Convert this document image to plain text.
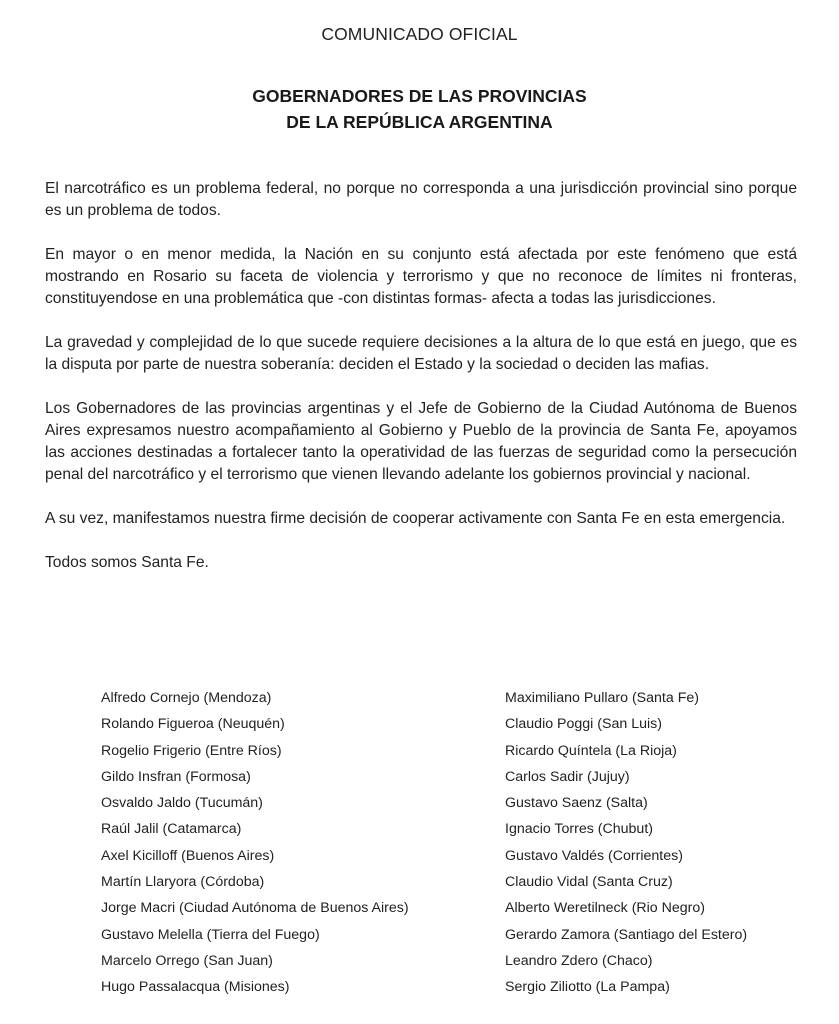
COMUNICADO OFICIAL
GOBERNADORES DE LAS PROVINCIAS
DE LA REPÚBLICA ARGENTINA

El narcotráfico es un problema federal, no porque no corresponda a una jurisdicción provincial sino porque es un problema de todos.

En mayor o en menor medida, la Nación en su conjunto está afectada por este fenómeno que está mostrando en Rosario su faceta de violencia y terrorismo y que no reconoce de límites ni fronteras, constituyendose en una problemática que -con distintas formas- afecta a todas las jurisdicciones.

La gravedad y complejidad de lo que sucede requiere decisiones a la altura de lo que está en juego, que es la disputa por parte de nuestra soberanía: deciden el Estado y la sociedad o deciden las mafias.

Los Gobernadores de las provincias argentinas y el Jefe de Gobierno de la Ciudad Autónoma de Buenos Aires expresamos nuestro acompañamiento al Gobierno y Pueblo de la provincia de Santa Fe, apoyamos las acciones destinadas a fortalecer tanto la operatividad de las fuerzas de seguridad como la persecución penal del narcotráfico y el terrorismo que vienen llevando adelante los gobiernos provincial y nacional.

A su vez, manifestamos nuestra firme decisión de cooperar activamente con Santa Fe en esta emergencia.

Todos somos Santa Fe.

Alfredo Cornejo (Mendoza)
Rolando Figueroa (Neuquén)
Rogelio Frigerio (Entre Ríos)
Gildo Insfran (Formosa)
Osvaldo Jaldo (Tucumán)
Raúl Jalil (Catamarca)
Axel Kicilloff (Buenos Aires)
Martín Llaryora (Córdoba)
Jorge Macri (Ciudad Autónoma de Buenos Aires)
Gustavo Melella (Tierra del Fuego)
Marcelo Orrego (San Juan)
Hugo Passalacqua (Misiones)
Maximiliano Pullaro (Santa Fe)
Claudio Poggi (San Luis)
Ricardo Quíntela (La Rioja)
Carlos Sadir (Jujuy)
Gustavo Saenz (Salta)
Ignacio Torres (Chubut)
Gustavo Valdés (Corrientes)
Claudio Vidal (Santa Cruz)
Alberto Weretilneck (Rio Negro)
Gerardo Zamora (Santiago del Estero)
Leandro Zdero (Chaco)
Sergio Ziliotto (La Pampa)
